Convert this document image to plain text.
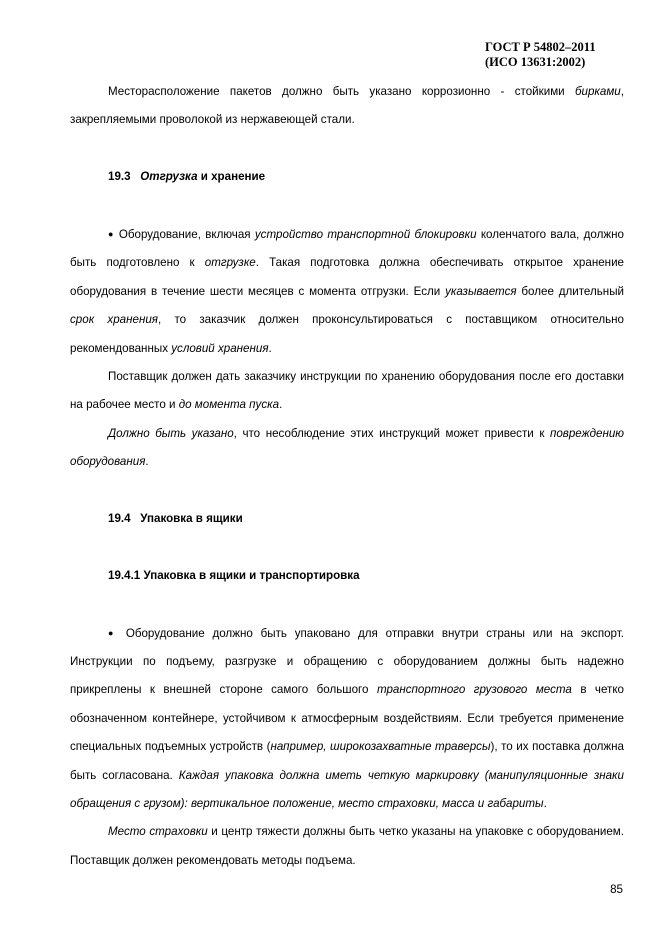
ГОСТ Р 54802–2011
(ИСО 13631:2002)

Месторасположение пакетов должно быть указано коррозионно - стойкими бирками, закрепляемыми проволокой из нержавеющей стали.

19.3 Отгрузка и хранение

● Оборудование, включая устройство транспортной блокировки коленчатого вала, должно быть подготовлено к отгрузке. Такая подготовка должна обеспечивать открытое хранение оборудования в течение шести месяцев с момента отгрузки. Если указывается более длительный срок хранения, то заказчик должен проконсультироваться с поставщиком относительно рекомендованных условий хранения.

Поставщик должен дать заказчику инструкции по хранению оборудования после его доставки на рабочее место и до момента пуска.

Должно быть указано, что несоблюдение этих инструкций может привести к повреждению оборудования.

19.4   Упаковка в ящики

19.4.1 Упаковка в ящики и транспортировка

● Оборудование должно быть упаковано для отправки внутри страны или на экспорт. Инструкции по подъему, разгрузке и обращению с оборудованием должны быть надежно прикреплены к внешней стороне самого большого транспортного грузового места в четко обозначенном контейнере, устойчивом к атмосферным воздействиям. Если требуется применение специальных подъемных устройств (например, широкозахватные траверсы), то их поставка должна быть согласована. Каждая упаковка должна иметь четкую маркировку (манипуляционные знаки обращения с грузом): вертикальное положение, место страховки, масса и габариты.

Место страховки и центр тяжести должны быть четко указаны на упаковке с оборудованием. Поставщик должен рекомендовать методы подъема.

85
